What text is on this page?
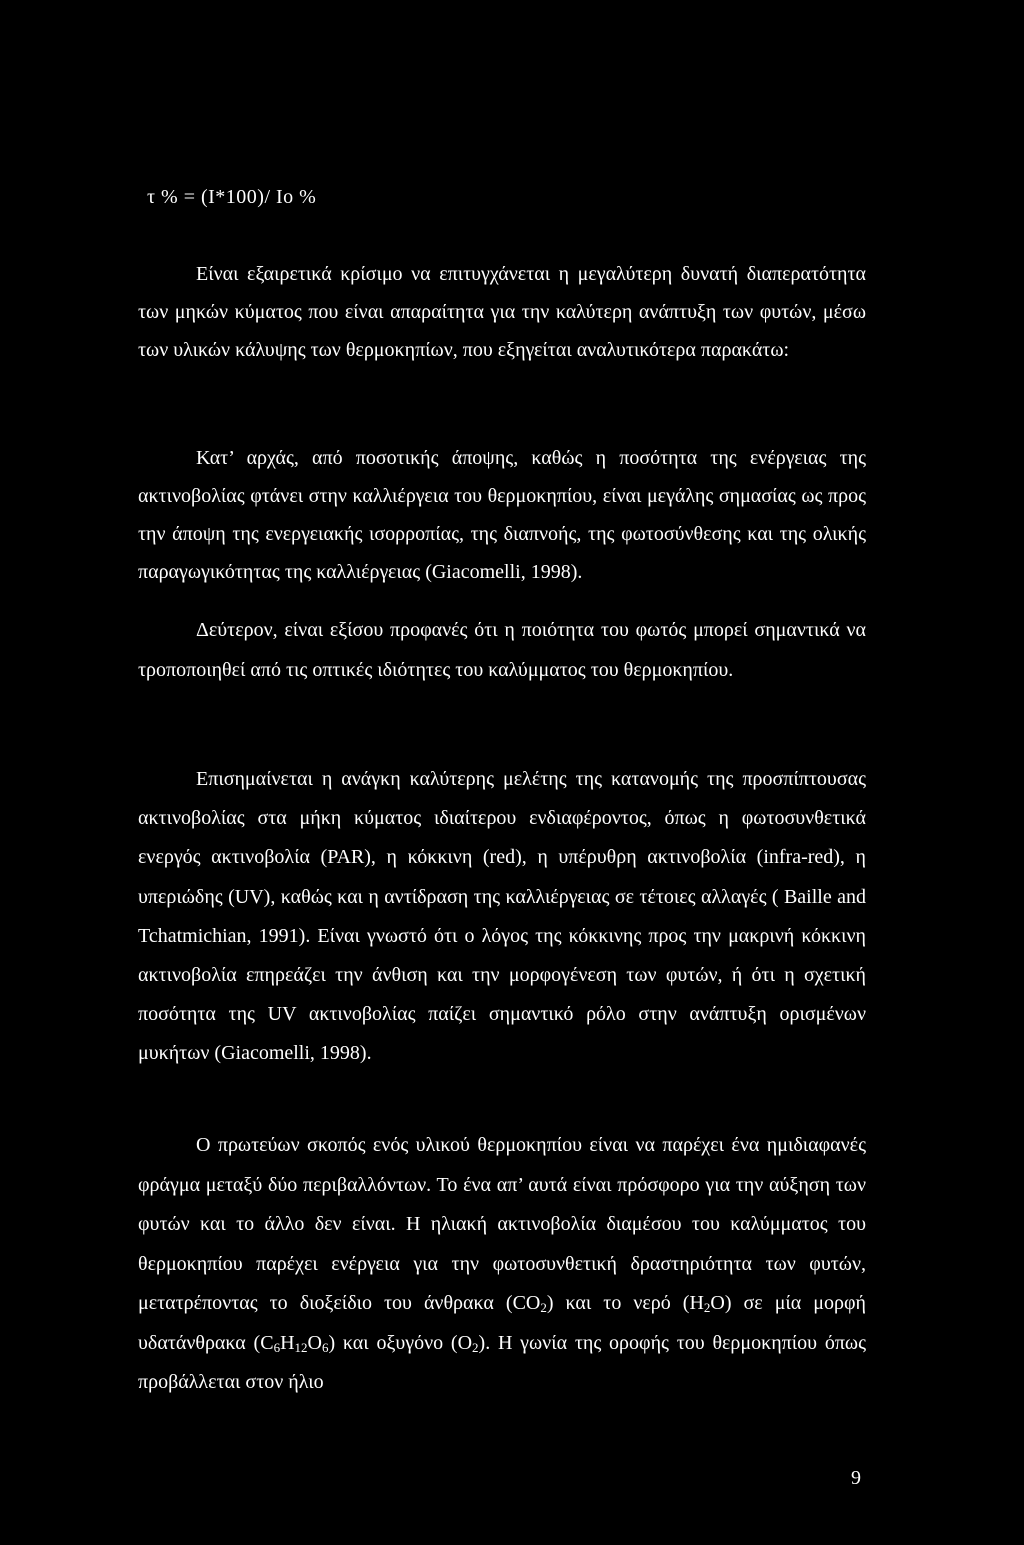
τ % = (I*100)/ Io %

Είναι εξαιρετικά κρίσιμο να επιτυγχάνεται η μεγαλύτερη δυνατή διαπερατότητα των μηκών κύματος που είναι απαραίτητα για την καλύτερη ανάπτυξη των φυτών, μέσω των υλικών κάλυψης των θερμοκηπίων, που εξηγείται αναλυτικότερα παρακάτω:

Κατ’ αρχάς, από ποσοτικής άποψης, καθώς η ποσότητα της ενέργειας της ακτινοβολίας φτάνει στην καλλιέργεια του θερμοκηπίου, είναι μεγάλης σημασίας ως προς την άποψη της ενεργειακής ισορροπίας, της διαπνοής, της φωτοσύνθεσης και της ολικής παραγωγικότητας της καλλιέργειας (Giacomelli, 1998).

Δεύτερον, είναι εξίσου προφανές ότι η ποιότητα του φωτός μπορεί σημαντικά να τροποποιηθεί από τις οπτικές ιδιότητες του καλύμματος του θερμοκηπίου.

Επισημαίνεται η ανάγκη καλύτερης μελέτης της κατανομής της προσπίπτουσας ακτινοβολίας στα μήκη κύματος ιδιαίτερου ενδιαφέροντος, όπως η φωτοσυνθετικά ενεργός ακτινοβολία (PAR), η κόκκινη (red), η υπέρυθρη ακτινοβολία (infra-red), η υπεριώδης (UV), καθώς και η αντίδραση της καλλιέργειας σε τέτοιες αλλαγές ( Baille and Tchatmichian, 1991). Είναι γνωστό ότι ο λόγος της κόκκινης προς την μακρινή κόκκινη ακτινοβολία επηρεάζει την άνθιση και την μορφογένεση των φυτών, ή ότι η σχετική ποσότητα της UV ακτινοβολίας παίζει σημαντικό ρόλο στην ανάπτυξη ορισμένων μυκήτων (Giacomelli, 1998).

Ο πρωτεύων σκοπός ενός υλικού θερμοκηπίου είναι να παρέχει ένα ημιδιαφανές φράγμα μεταξύ δύο περιβαλλόντων. Το ένα απ’ αυτά είναι πρόσφορο για την αύξηση των φυτών και το άλλο δεν είναι. Η ηλιακή ακτινοβολία διαμέσου του καλύμματος του θερμοκηπίου παρέχει ενέργεια για την φωτοσυνθετική δραστηριότητα των φυτών, μετατρέποντας το διοξείδιο του άνθρακα $(CO_2)$ και το νερό $(H_2O)$ σε μία μορφή υδατάνθρακα $(C_6H_{12}O_6)$ και οξυγόνο $(O_2)$. Η γωνία της οροφής του θερμοκηπίου όπως προβάλλεται στον ήλιο

9
